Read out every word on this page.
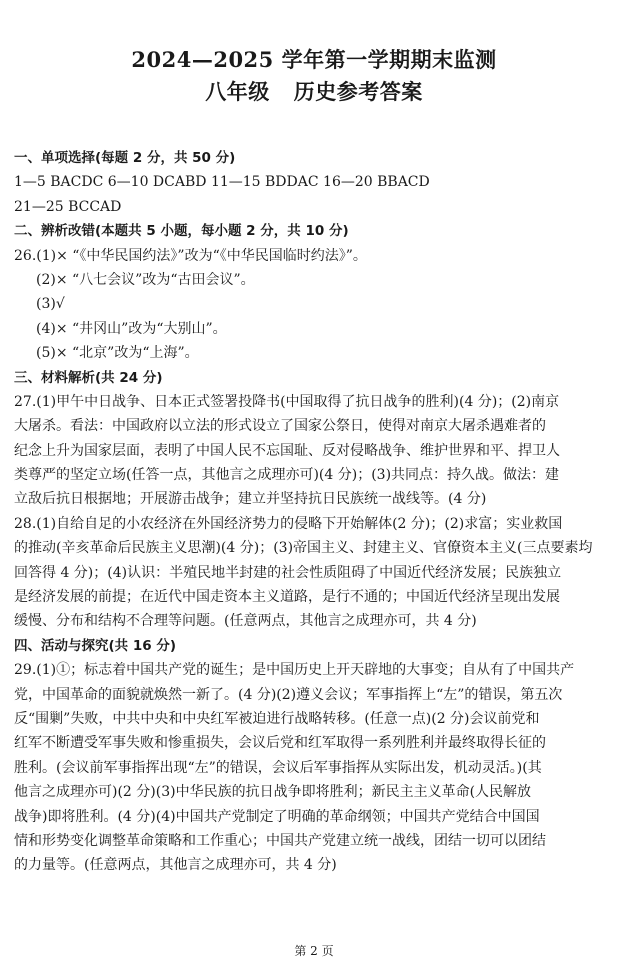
2024—2025 学年第一学期期末监测
八年级 历史参考答案
一、单项选择(每题 2 分，共 50 分)
1—5 BACDC 6—10 DCABD 11—15 BDDAC 16—20 BBACD
21—25 BCCAD
二、辨析改错(本题共 5 小题，每小题 2 分，共 10 分)
26.(1)× “《中华民国约法》”改为“《中华民国临时约法》”。
(2)× “八七会议”改为“古田会议”。
(3)√
(4)× “井冈山”改为“大别山”。
(5)× “北京”改为“上海”。
三、材料解析(共 24 分)
27.(1)甲午中日战争、日本正式签署投降书(中国取得了抗日战争的胜利)(4 分)；(2)南京
大屠杀。看法：中国政府以立法的形式设立了国家公祭日，使得对南京大屠杀遇难者的
纪念上升为国家层面，表明了中国人民不忘国耻、反对侵略战争、维护世界和平、捍卫人
类尊严的坚定立场(任答一点，其他言之成理亦可)(4 分)；(3)共同点：持久战。做法：建
立敌后抗日根据地；开展游击战争；建立并坚持抗日民族统一战线等。(4 分)
28.(1)自给自足的小农经济在外国经济势力的侵略下开始解体(2 分)；(2)求富；实业救国
的推动(辛亥革命后民族主义思潮)(4 分)；(3)帝国主义、封建主义、官僚资本主义(三点要素均
回答得 4 分)；(4)认识：半殖民地半封建的社会性质阻碍了中国近代经济发展；民族独立
是经济发展的前提；在近代中国走资本主义道路，是行不通的；中国近代经济呈现出发展
缓慢、分布和结构不合理等问题。(任意两点，其他言之成理亦可，共 4 分)
四、活动与探究(共 16 分)
29.(1)①；标志着中国共产党的诞生；是中国历史上开天辟地的大事变；自从有了中国共产
党，中国革命的面貌就焕然一新了。(4 分)(2)遵义会议；军事指挥上“左”的错误，第五次
反“围剿”失败，中共中央和中央红军被迫进行战略转移。(任意一点)(2 分)会议前党和
红军不断遭受军事失败和惨重损失，会议后党和红军取得一系列胜利并最终取得长征的
胜利。(会议前军事指挥出现“左”的错误，会议后军事指挥从实际出发，机动灵活。)(其
他言之成理亦可)(2 分)(3)中华民族的抗日战争即将胜利；新民主主义革命(人民解放
战争)即将胜利。(4 分)(4)中国共产党制定了明确的革命纲领；中国共产党结合中国国
情和形势变化调整革命策略和工作重心；中国共产党建立统一战线，团结一切可以团结
的力量等。(任意两点，其他言之成理亦可，共 4 分)
第 2 页
